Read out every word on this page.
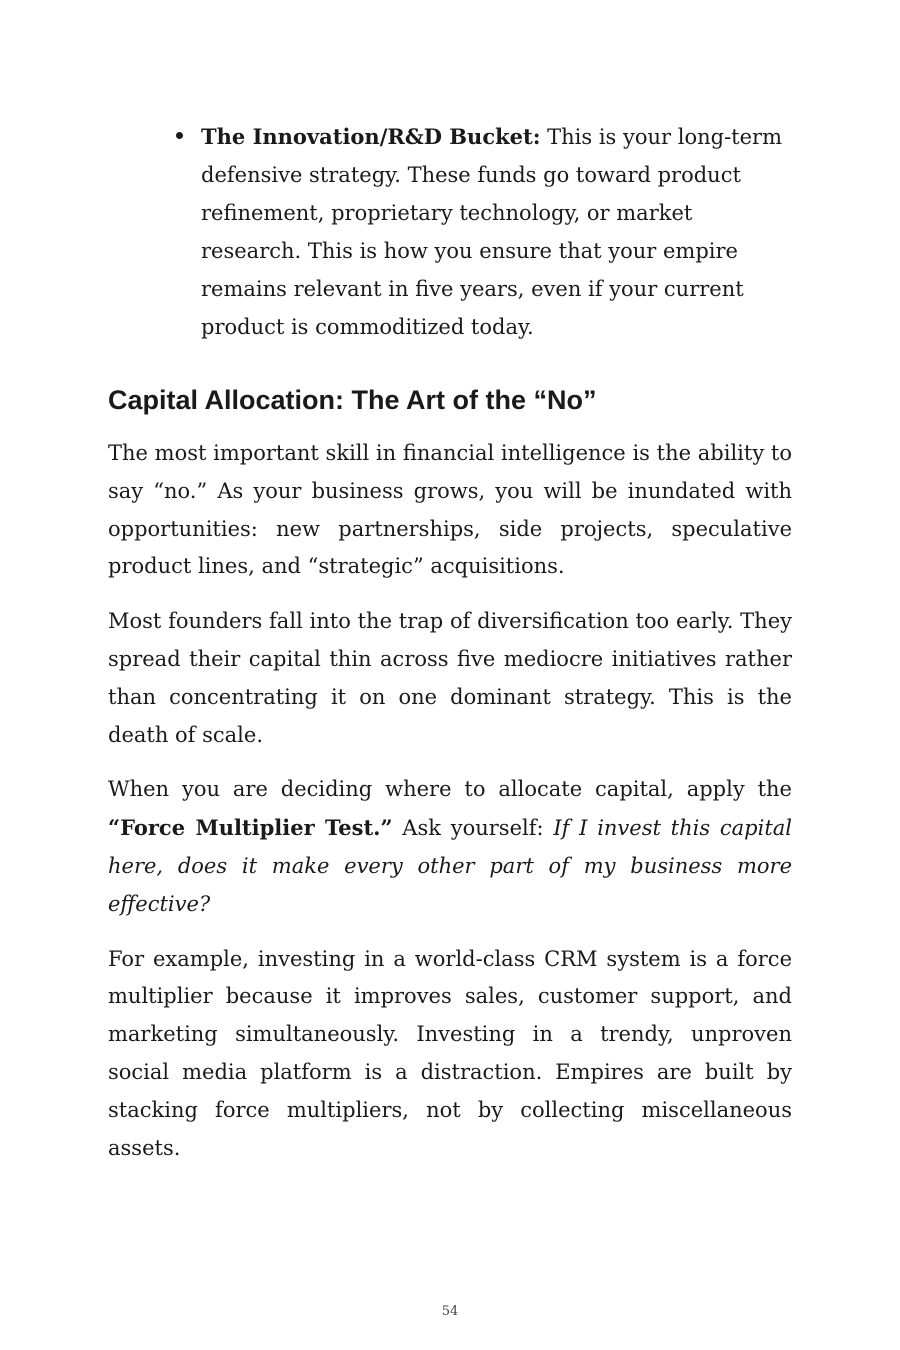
The Innovation/R&D Bucket: This is your long-term defensive strategy. These funds go toward product refinement, proprietary technology, or market research. This is how you ensure that your empire remains relevant in five years, even if your current product is commoditized today.
Capital Allocation: The Art of the “No”

The most important skill in financial intelligence is the ability to say “no.” As your business grows, you will be inundated with opportunities: new partnerships, side projects, speculative product lines, and “strategic” acquisitions.

Most founders fall into the trap of diversification too early. They spread their capital thin across five mediocre initiatives rather than concentrating it on one dominant strategy. This is the death of scale.

When you are deciding where to allocate capital, apply the “Force Multiplier Test.” Ask yourself: If I invest this capital here, does it make every other part of my business more effective?

For example, investing in a world-class CRM system is a force multiplier because it improves sales, customer support, and marketing simultaneously. Investing in a trendy, unproven social media platform is a distraction. Empires are built by stacking force multipliers, not by collecting miscellaneous assets.

54
